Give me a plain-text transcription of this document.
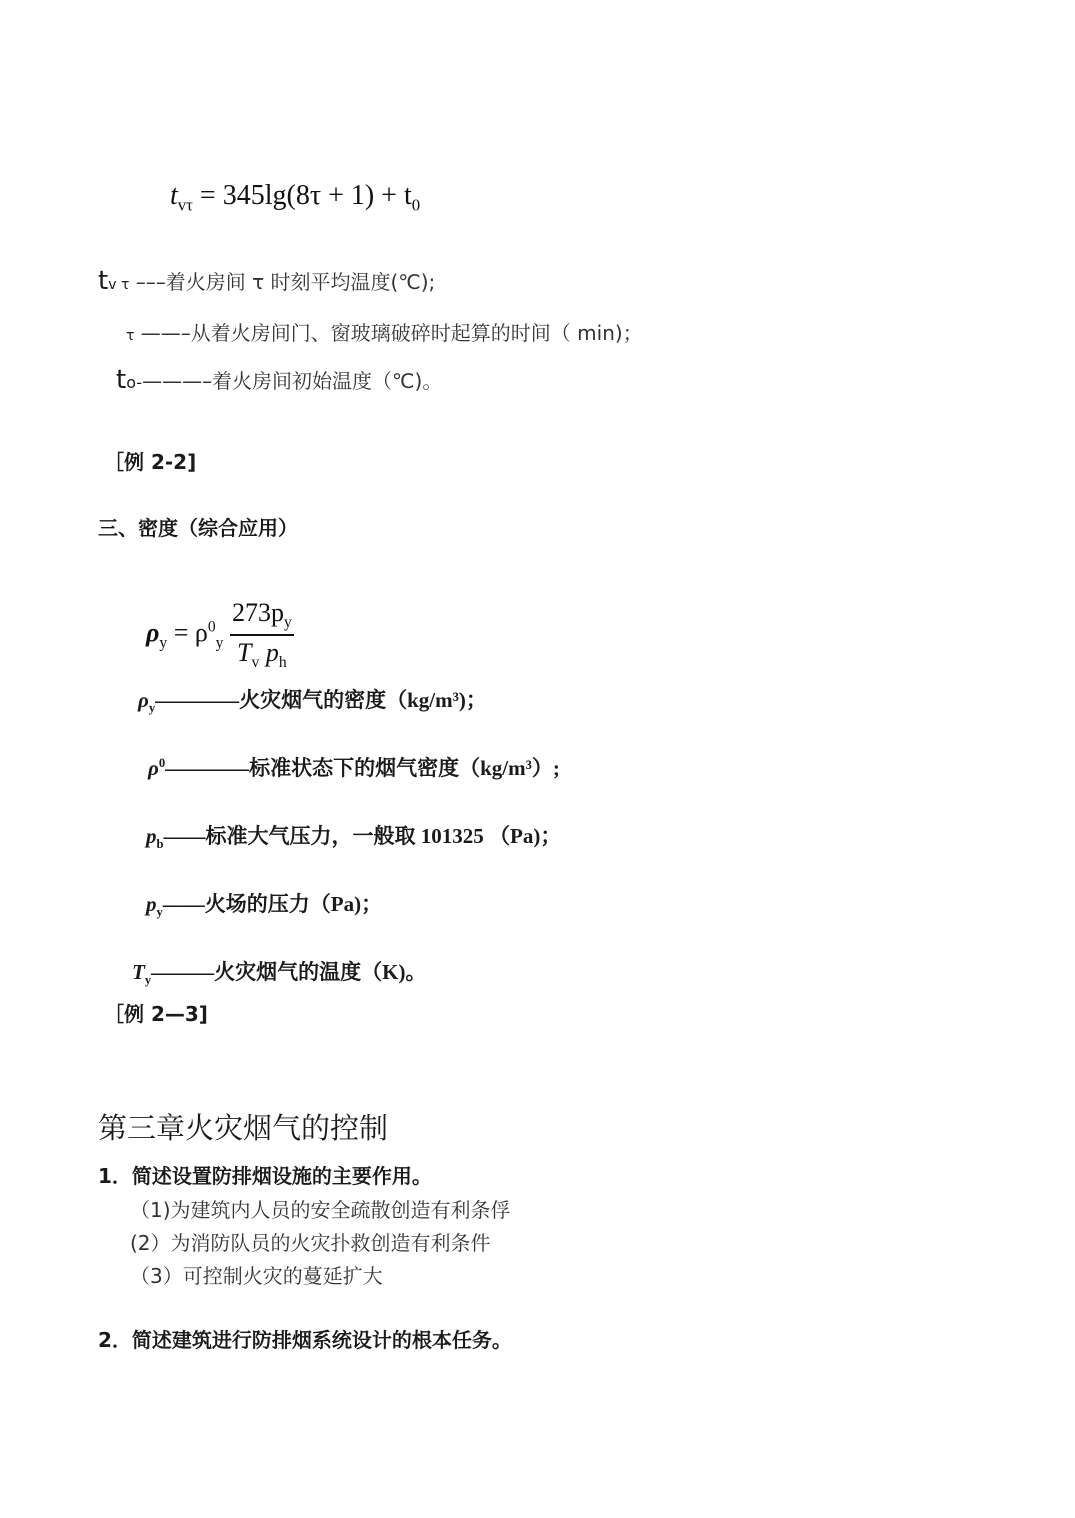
$t_{v\tau} = 345\lg(8\tau + 1) + t_0$
tv τ –––着火房间 τ 时刻平均温度(℃);
τ ——–从着火房间门、窗玻璃破碎时起算的时间（ min)；
to-———–着火房间初始温度（℃)。
［例 2-2]
三、密度（综合应用）
$\rho_y = \rho^0_y \frac{273p_y}{T_v p_h}$
$\rho_y————$火灾烟气的密度（kg/m³)；
$\rho^0————$标准状态下的烟气密度（kg/m³）;
$p_b——$标准大气压力，一般取 101325 （Pa)；
$p_y——$火场的压力（Pa)；
$T_y———$火灾烟气的温度（K)。
［例 2—3]
第三章火灾烟气的控制
1．简述设置防排烟设施的主要作用。
（1)为建筑内人员的安全疏散创造有利条俘
(2）为消防队员的火灾扑救创造有利条件
（3）可控制火灾的蔓延扩大
2．简述建筑进行防排烟系统设计的根本任务。
